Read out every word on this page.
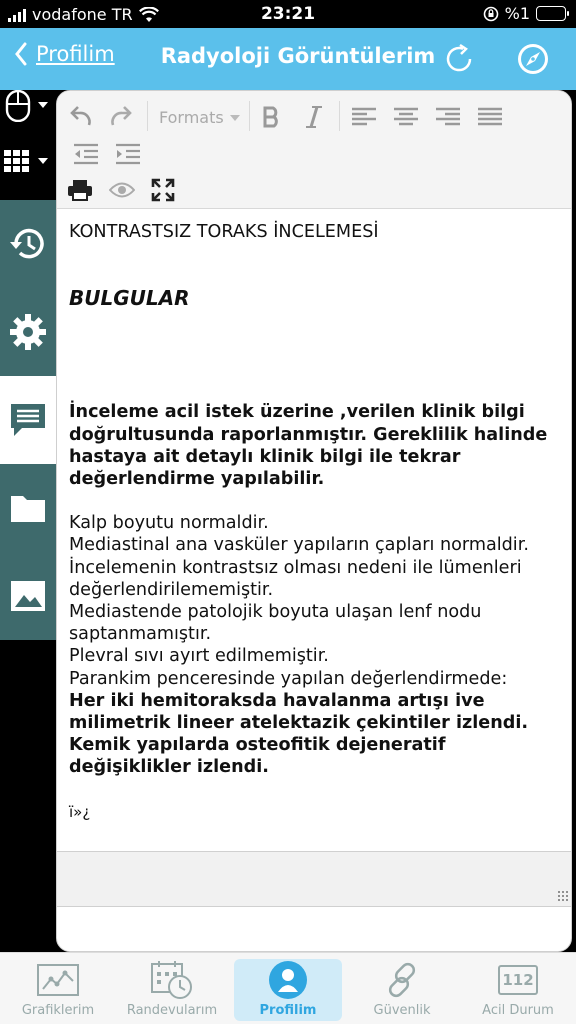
vodafone TR	23:21	%1
Profilim	Radyoloji Görüntülerim
Formats

KONTRASTSIZ TORAKS İNCELEMESİ

BULGULAR

İnceleme acil istek üzerine ,verilen klinik bilgi doğrultusunda raporlanmıştır. Gereklilik halinde hastaya ait detaylı klinik bilgi ile tekrar değerlendirme yapılabilir.

Kalp boyutu normaldir.

Mediastinal ana vasküler yapıların çapları normaldir. İncelemenin kontrastsız olması nedeni ile lümenleri değerlendirilememiştir.

Mediastende patolojik boyuta ulaşan lenf nodu saptanmamıştır.

Plevral sıvı ayırt edilmemiştir.

Parankim penceresinde yapılan değerlendirmede:

Her iki hemitoraksda havalanma artışı ive milimetrik lineer atelektazik çekintiler izlendi.

Kemik yapılarda osteofitik dejeneratif değişiklikler izlendi.

ï»¿

Grafiklerim	Randevularım	Profilim	Güvenlik
112
Acil Durum
